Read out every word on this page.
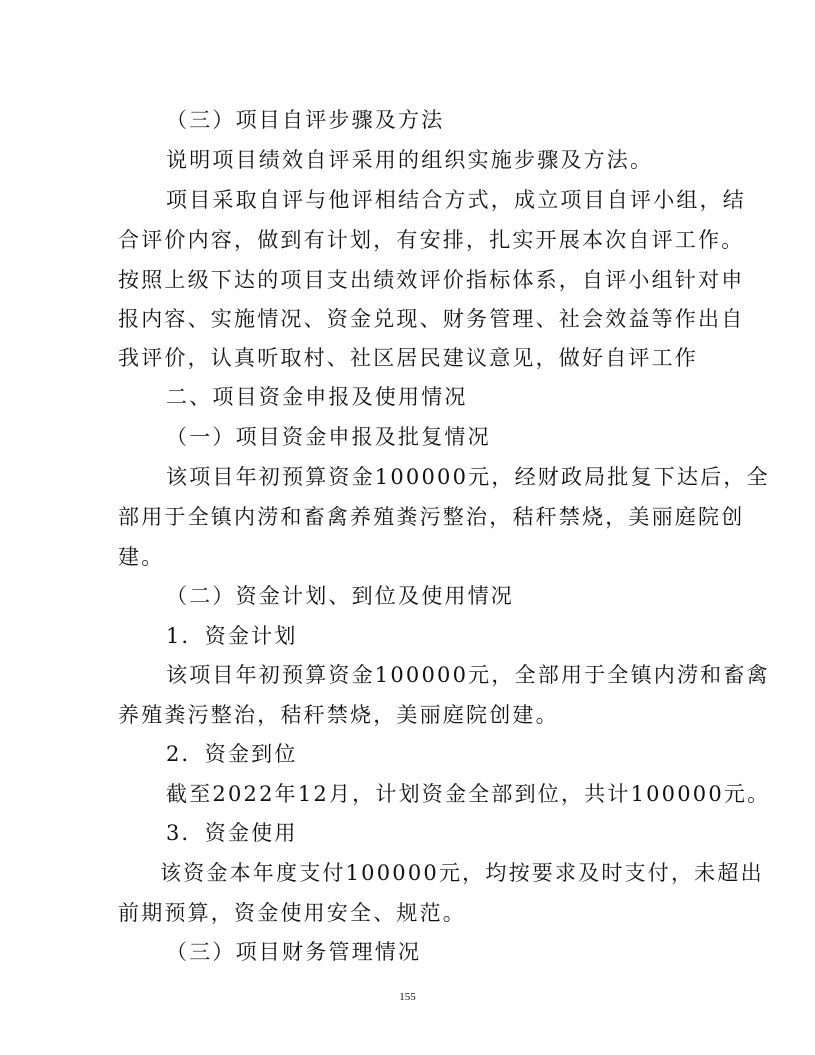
（三）项目自评步骤及方法
说明项目绩效自评采用的组织实施步骤及方法。
项目采取自评与他评相结合方式，成立项目自评小组，结
合评价内容，做到有计划，有安排，扎实开展本次自评工作。
按照上级下达的项目支出绩效评价指标体系，自评小组针对申
报内容、实施情况、资金兑现、财务管理、社会效益等作出自
我评价，认真听取村、社区居民建议意见，做好自评工作
二、项目资金申报及使用情况
（一）项目资金申报及批复情况
该项目年初预算资金100000元，经财政局批复下达后，全
部用于全镇内涝和畜禽养殖粪污整治，秸秆禁烧，美丽庭院创
建。
（二）资金计划、到位及使用情况
1．资金计划
该项目年初预算资金100000元，全部用于全镇内涝和畜禽
养殖粪污整治，秸秆禁烧，美丽庭院创建。
2．资金到位
截至2022年12月，计划资金全部到位，共计100000元。
3．资金使用
该资金本年度支付100000元，均按要求及时支付，未超出
前期预算，资金使用安全、规范。
（三）项目财务管理情况
155
